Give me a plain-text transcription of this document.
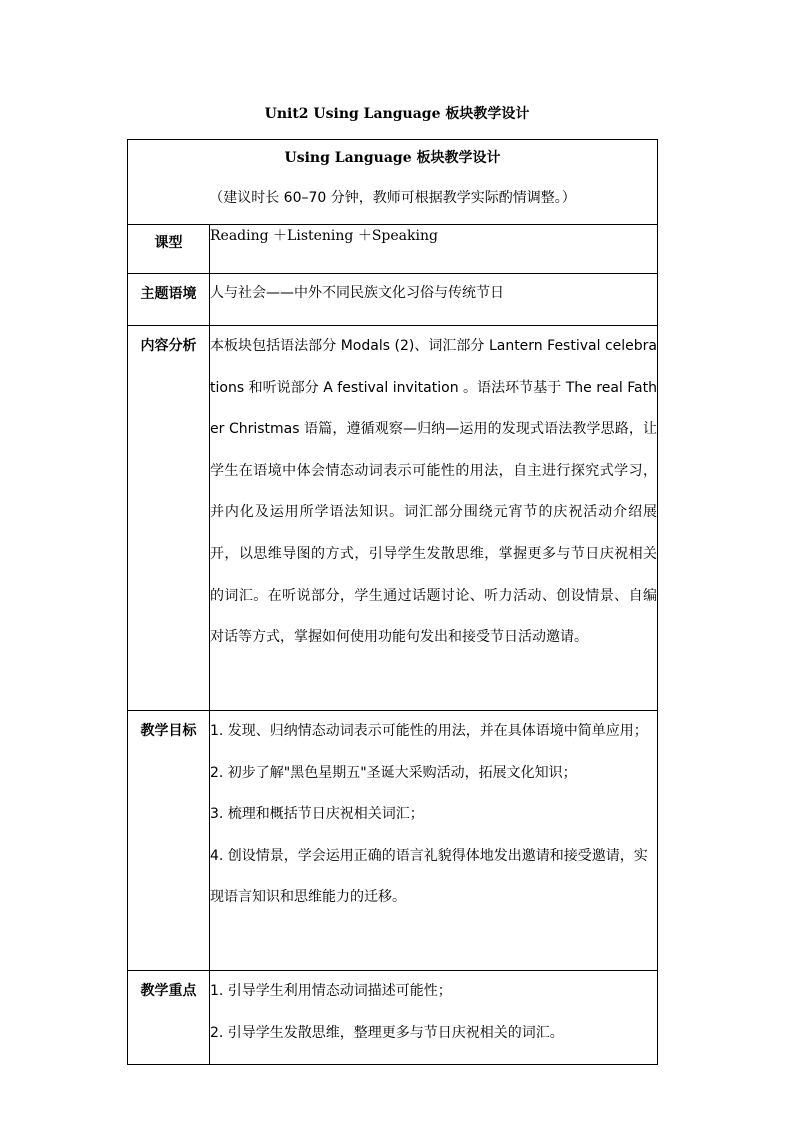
Unit2 Using Language 板块教学设计
Using Language 板块教学设计
（建议时长 60–70 分钟，教师可根据教学实际酌情调整。）	

课型	Reading ＋Listening ＋Speaking
主题语境	人与社会——中外不同民族文化习俗与传统节日
内容分析	本板块包括语法部分 Modals (2)、词汇部分 Lantern Festival celebrations 和听说部分 A festival invitation 。语法环节基于 The real Father Christmas 语篇，遵循观察—归纳—运用的发现式语法教学思路，让学生在语境中体会情态动词表示可能性的用法，自主进行探究式学习，并内化及运用所学语法知识。词汇部分围绕元宵节的庆祝活动介绍展开，以思维导图的方式，引导学生发散思维，掌握更多与节日庆祝相关的词汇。在听说部分，学生通过话题讨论、听力活动、创设情景、自编对话等方式，掌握如何使用功能句发出和接受节日活动邀请。
教学目标	1. 发现、归纳情态动词表示可能性的用法，并在具体语境中简单应用；

2. 初步了解"黑色星期五"圣诞大采购活动，拓展文化知识；

3. 梳理和概括节日庆祝相关词汇；

4. 创设情景，学会运用正确的语言礼貌得体地发出邀请和接受邀请，实现语言知识和思维能力的迁移。

教学重点	1. 引导学生利用情态动词描述可能性；

2. 引导学生发散思维，整理更多与节日庆祝相关的词汇。
